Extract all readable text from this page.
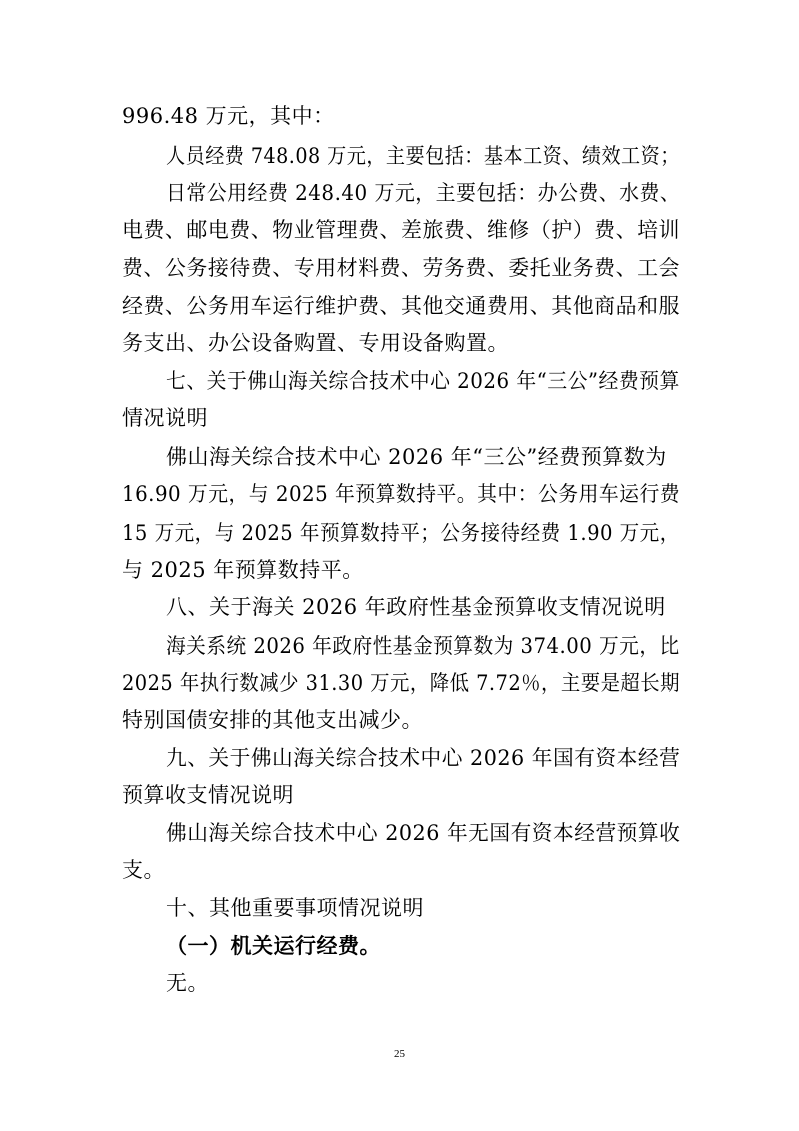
996.48 万元，其中：
人员经费 748.08 万元，主要包括：基本工资、绩效工资；
日常公用经费 248.40 万元，主要包括：办公费、水费、
电费、邮电费、物业管理费、差旅费、维修（护）费、培训
费、公务接待费、专用材料费、劳务费、委托业务费、工会
经费、公务用车运行维护费、其他交通费用、其他商品和服
务支出、办公设备购置、专用设备购置。
七、关于佛山海关综合技术中心 2026 年“三公”经费预算
情况说明
佛山海关综合技术中心 2026 年“三公”经费预算数为
16.90 万元，与 2025 年预算数持平。其中：公务用车运行费
15 万元，与 2025 年预算数持平；公务接待经费 1.90 万元，
与 2025 年预算数持平。
八、关于海关 2026 年政府性基金预算收支情况说明
海关系统 2026 年政府性基金预算数为 374.00 万元，比
2025 年执行数减少 31.30 万元，降低 7.72％，主要是超长期
特别国债安排的其他支出减少。
九、关于佛山海关综合技术中心 2026 年国有资本经营
预算收支情况说明
佛山海关综合技术中心 2026 年无国有资本经营预算收
支。
十、其他重要事项情况说明
（一）机关运行经费。
无。
25
